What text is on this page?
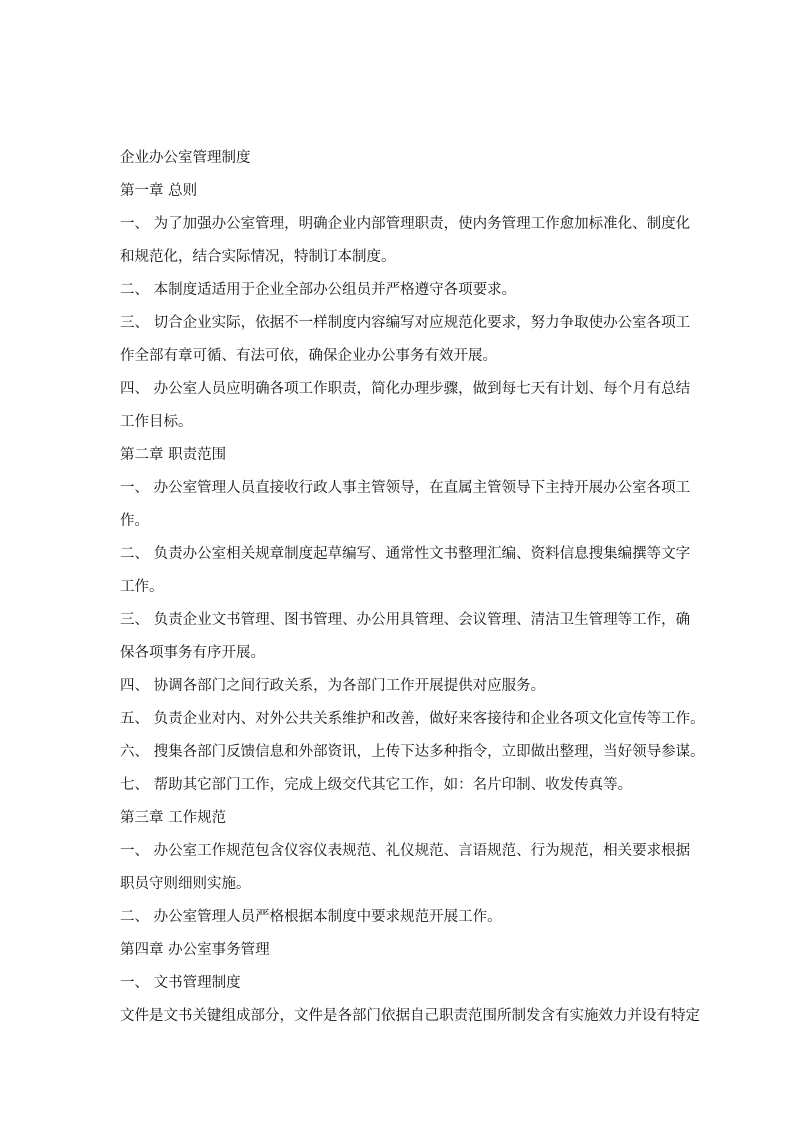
企业办公室管理制度
第一章 总则
一、 为了加强办公室管理，明确企业内部管理职责，使内务管理工作愈加标准化、制度化
和规范化，结合实际情况，特制订本制度。
二、 本制度适适用于企业全部办公组员并严格遵守各项要求。
三、 切合企业实际，依据不一样制度内容编写对应规范化要求，努力争取使办公室各项工
作全部有章可循、有法可依，确保企业办公事务有效开展。
四、 办公室人员应明确各项工作职责，简化办理步骤，做到每七天有计划、每个月有总结
工作目标。
第二章 职责范围
一、 办公室管理人员直接收行政人事主管领导，在直属主管领导下主持开展办公室各项工
作。
二、 负责办公室相关规章制度起草编写、通常性文书整理汇编、资料信息搜集编撰等文字
工作。
三、 负责企业文书管理、图书管理、办公用具管理、会议管理、清洁卫生管理等工作，确
保各项事务有序开展。
四、 协调各部门之间行政关系，为各部门工作开展提供对应服务。
五、 负责企业对内、对外公共关系维护和改善，做好来客接待和企业各项文化宣传等工作。
六、 搜集各部门反馈信息和外部资讯，上传下达多种指令，立即做出整理，当好领导参谋。
七、 帮助其它部门工作，完成上级交代其它工作，如：名片印制、收发传真等。
第三章 工作规范
一、 办公室工作规范包含仪容仪表规范、礼仪规范、言语规范、行为规范，相关要求根据
职员守则细则实施。
二、 办公室管理人员严格根据本制度中要求规范开展工作。
第四章 办公室事务管理
一、 文书管理制度
文件是文书关键组成部分，文件是各部门依据自己职责范围所制发含有实施效力并设有特定
